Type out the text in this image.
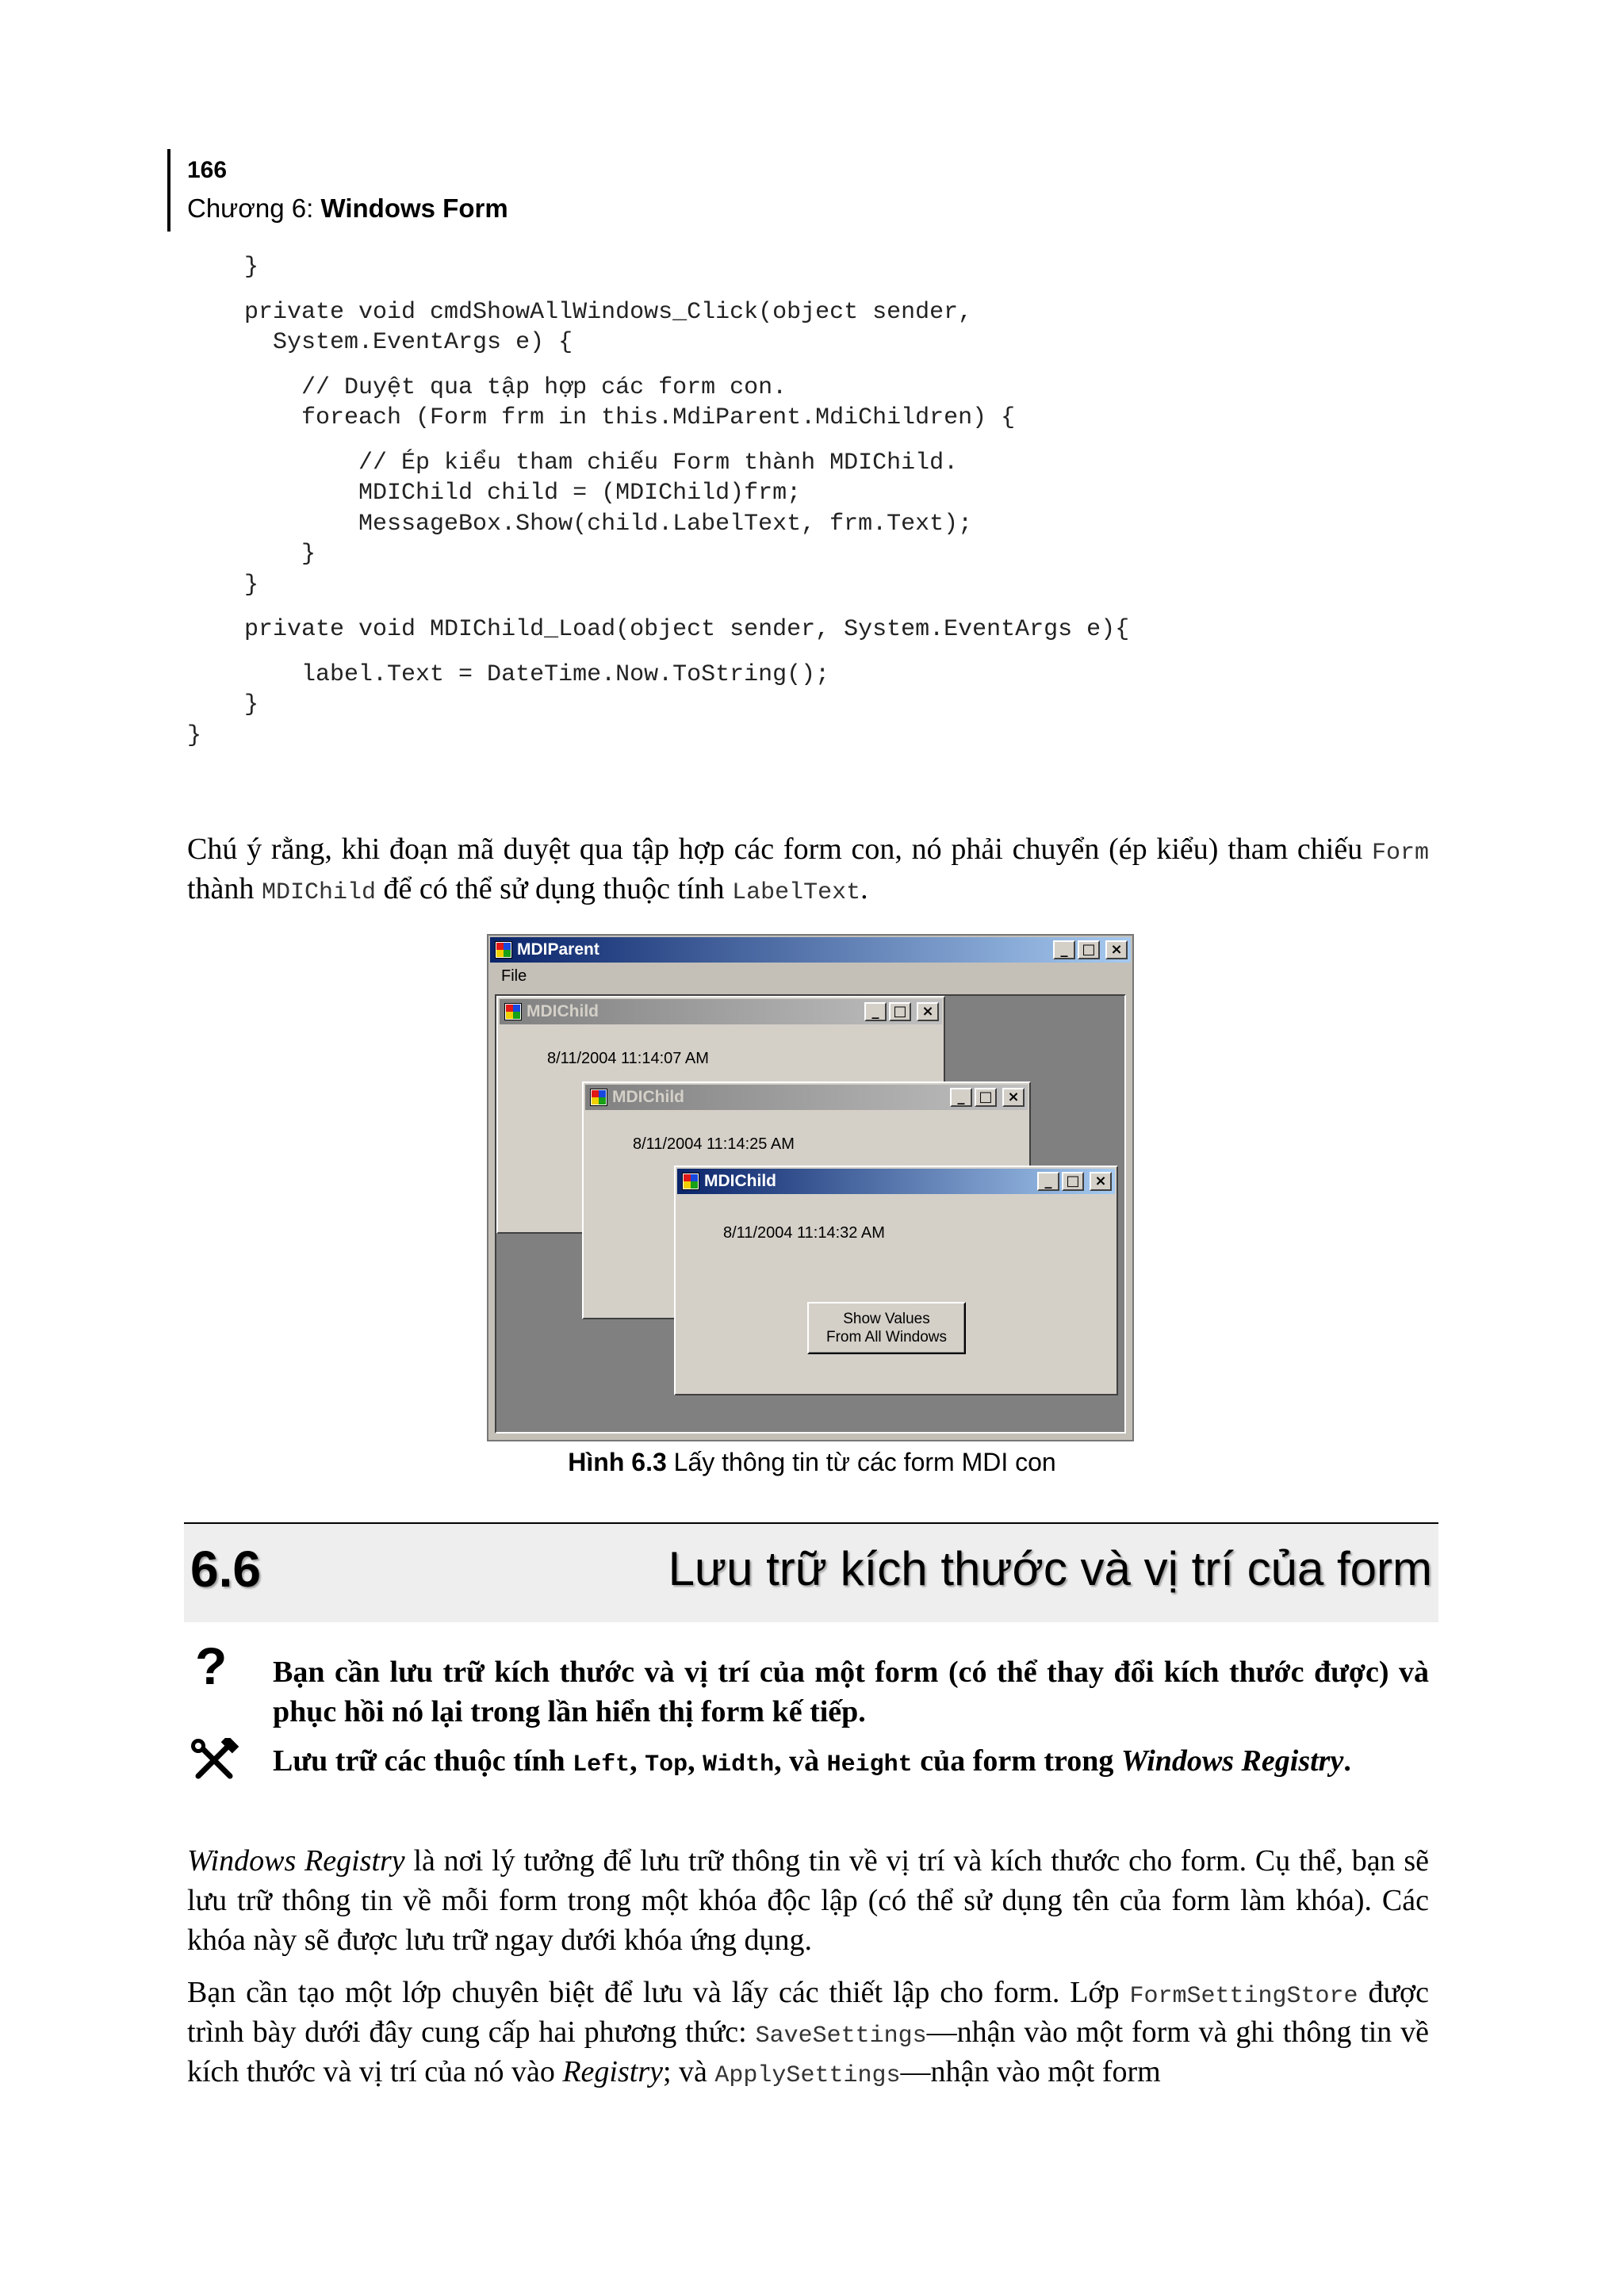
166
Chương 6: Windows Form
}
private void cmdShowAllWindows_Click(object sender,
System.EventArgs e) {
// Duyệt qua tập hợp các form con.
foreach (Form frm in this.MdiParent.MdiChildren) {
// Ép kiểu tham chiếu Form thành MDIChild.
MDIChild child = (MDIChild)frm;
MessageBox.Show(child.LabelText, frm.Text);
}
}
private void MDIChild_Load(object sender, System.EventArgs e){
label.Text = DateTime.Now.ToString();
}
}
Chú ý rằng, khi đoạn mã duyệt qua tập hợp các form con, nó phải chuyển (ép kiểu) tham chiếu Form thành MDIChild để có thể sử dụng thuộc tính LabelText.
MDIParent	_ □	×
File
MDIChild	_ □	×
8/11/2004 11:14:07 AM
MDIChild	_ □	×
8/11/2004 11:14:25 AM
MDIChild	_ □	×
8/11/2004 11:14:32 AM
Show Values
From All Windows
Hình 6.3 Lấy thông tin từ các form MDI con
6.6	Lưu trữ kích thước và vị trí của form
? Bạn cần lưu trữ kích thước và vị trí của một form (có thể thay đổi kích thước được) và phục hồi nó lại trong lần hiển thị form kế tiếp.
Lưu trữ các thuộc tính Left, Top, Width, và Height của form trong Windows Registry.
Windows Registry là nơi lý tưởng để lưu trữ thông tin về vị trí và kích thước cho form. Cụ thể, bạn sẽ lưu trữ thông tin về mỗi form trong một khóa độc lập (có thể sử dụng tên của form làm khóa). Các khóa này sẽ được lưu trữ ngay dưới khóa ứng dụng.
Bạn cần tạo một lớp chuyên biệt để lưu và lấy các thiết lập cho form. Lớp FormSettingStore được trình bày dưới đây cung cấp hai phương thức: SaveSettings—nhận vào một form và ghi thông tin về kích thước và vị trí của nó vào Registry; và ApplySettings—nhận vào một form
